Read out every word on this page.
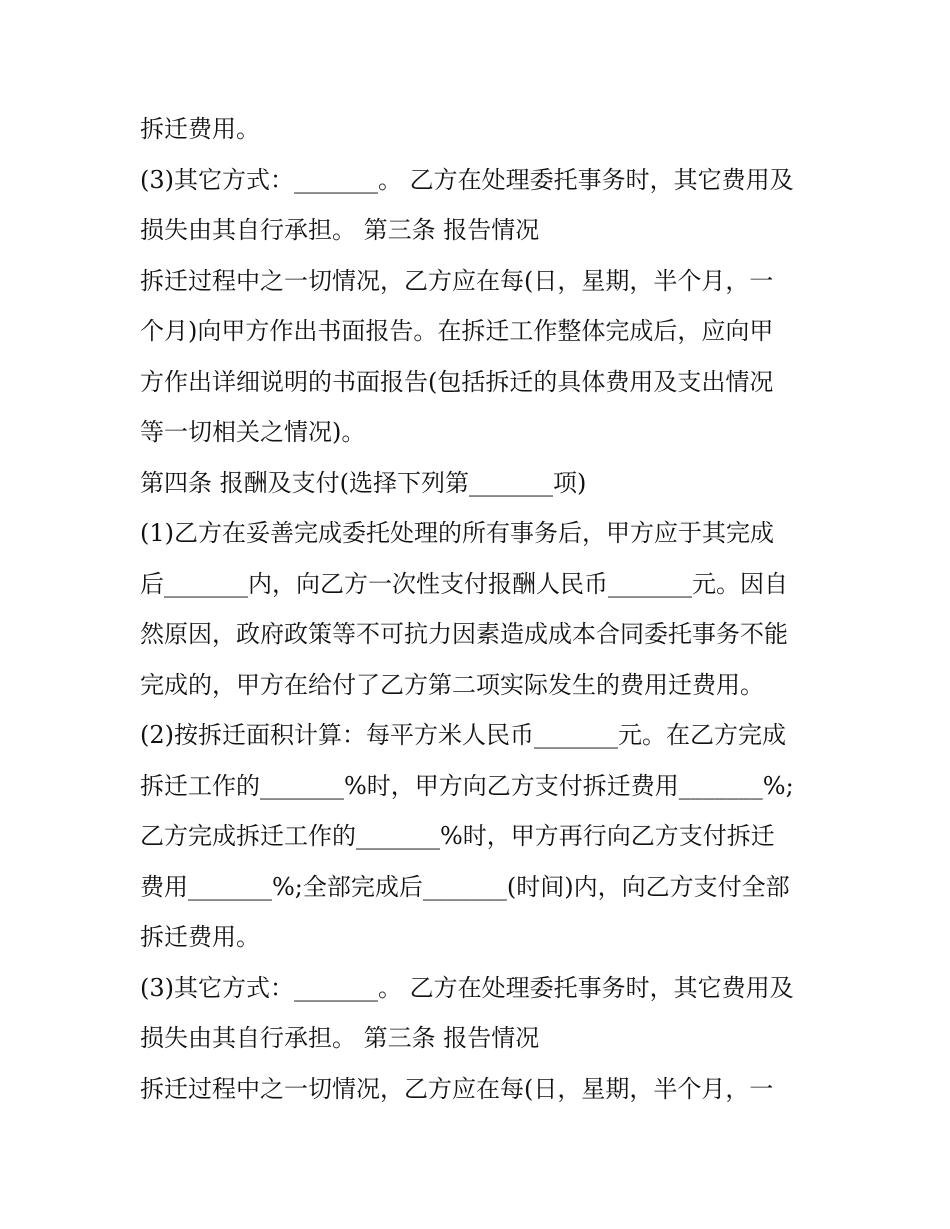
拆迁费用。
(3)其它方式：_______。 乙方在处理委托事务时，其它费用及
损失由其自行承担。 第三条 报告情况
拆迁过程中之一切情况，乙方应在每(日，星期，半个月，一
个月)向甲方作出书面报告。在拆迁工作整体完成后，应向甲
方作出详细说明的书面报告(包括拆迁的具体费用及支出情况
等一切相关之情况)。
第四条 报酬及支付(选择下列第_______项)
(1)乙方在妥善完成委托处理的所有事务后，甲方应于其完成
后_______内，向乙方一次性支付报酬人民币_______元。因自
然原因，政府政策等不可抗力因素造成成本合同委托事务不能
完成的，甲方在给付了乙方第二项实际发生的费用迁费用。
(2)按拆迁面积计算：每平方米人民币_______元。在乙方完成
拆迁工作的_______%时，甲方向乙方支付拆迁费用_______%;
乙方完成拆迁工作的_______%时，甲方再行向乙方支付拆迁
费用_______%;全部完成后_______(时间)内，向乙方支付全部
拆迁费用。
(3)其它方式：_______。 乙方在处理委托事务时，其它费用及
损失由其自行承担。 第三条 报告情况
拆迁过程中之一切情况，乙方应在每(日，星期，半个月，一
